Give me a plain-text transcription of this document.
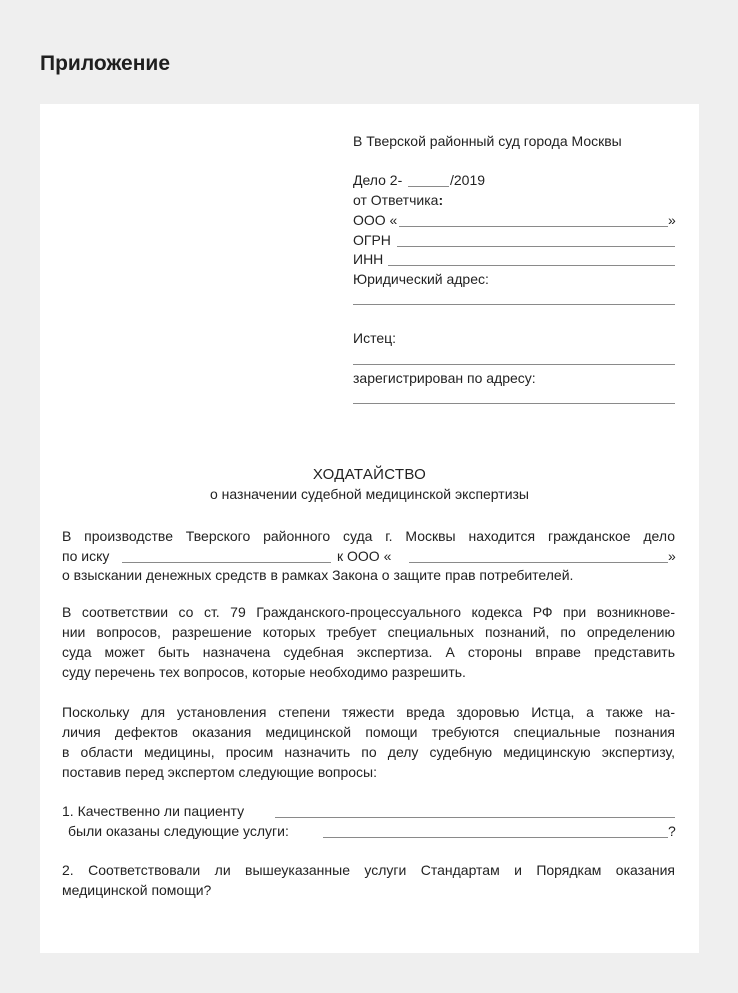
Приложение
В Тверской районный суд города Москвы
Дело 2-	/2019
от Ответчика:
ООО «	»
ОГРН
ИНН
Юридический адрес:
Истец:
зарегистрирован по адресу:
ХОДАТАЙСТВО
о назначении судебной медицинской экспертизы
В производстве Тверского районного суда г. Москвы находится гражданское дело
по иску	к ООО «	»
о взыскании денежных средств в рамках Закона о защите прав потребителей.
В соответствии со ст. 79 Гражданского-процессуального кодекса РФ при возникнове-
нии вопросов, разрешение которых требует специальных познаний, по определению
суда может быть назначена судебная экспертиза. А стороны вправе представить
суду перечень тех вопросов, которые необходимо разрешить.
Поскольку для установления степени тяжести вреда здоровью Истца, а также на-
личия дефектов оказания медицинской помощи требуются специальные познания
в области медицины, просим назначить по делу судебную медицинскую экспертизу,
поставив перед экспертом следующие вопросы:
1. Качественно ли пациенту
были оказаны следующие услуги:	?
2. Соответствовали ли вышеуказанные услуги Стандартам и Порядкам оказания
медицинской помощи?
